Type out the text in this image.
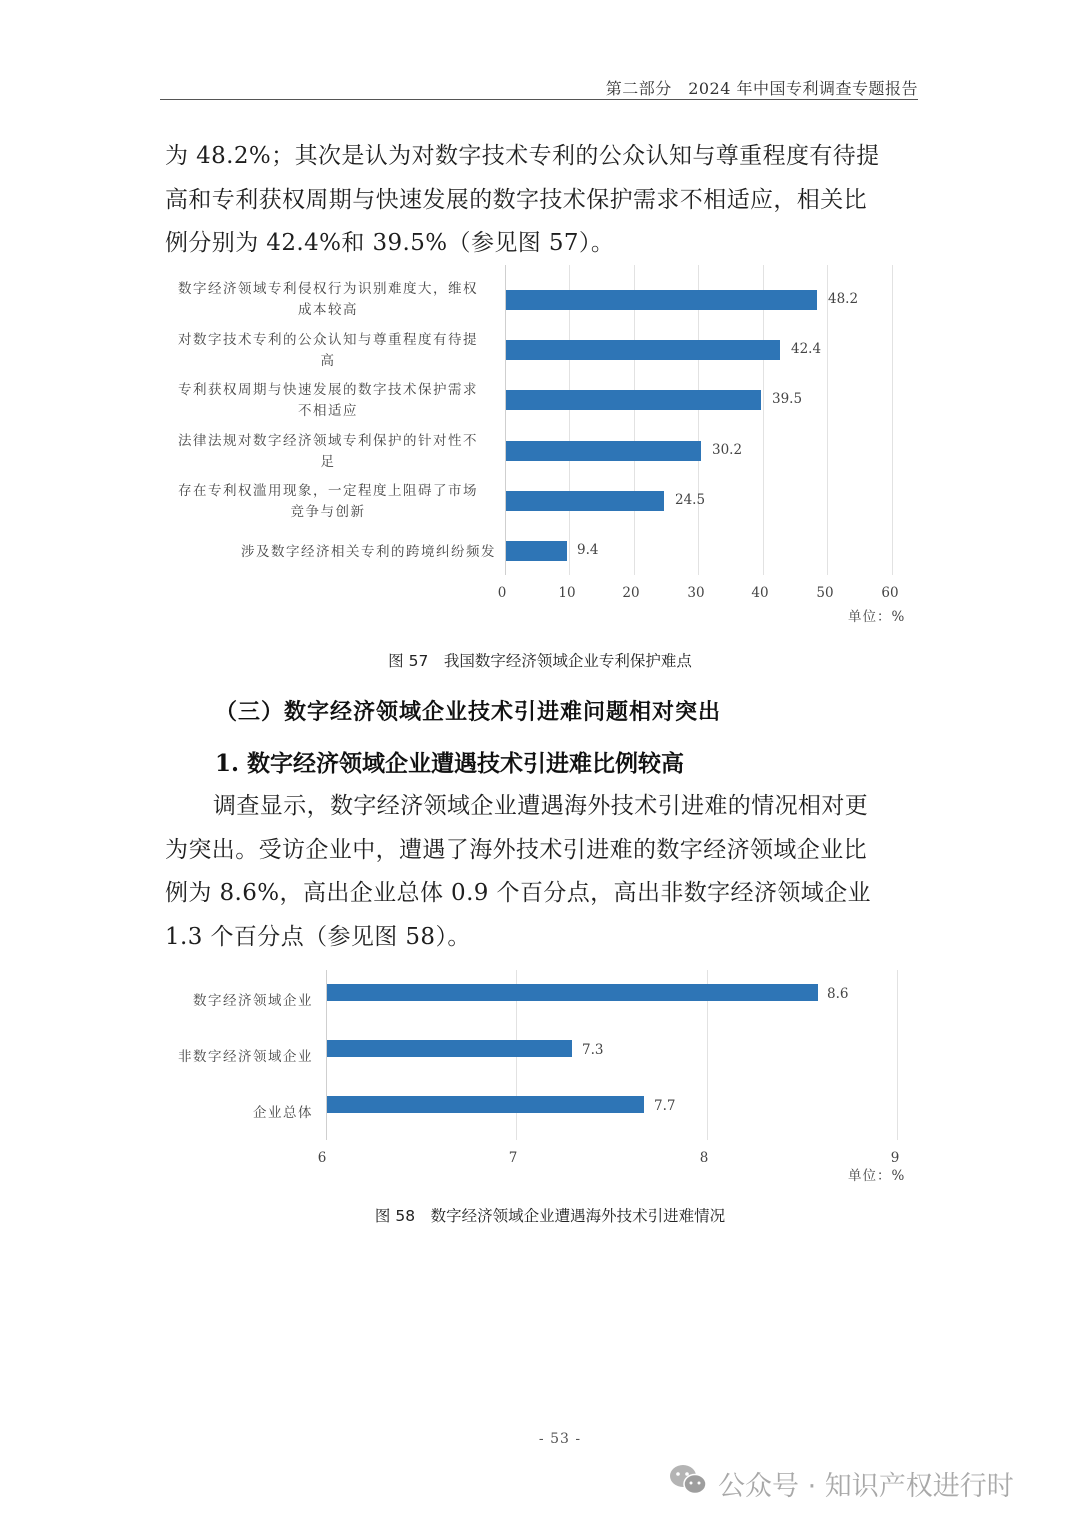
第二部分　2024 年中国专利调查专题报告

为 48.2%；其次是认为对数字技术专利的公众认知与尊重程度有待提

高和专利获权周期与快速发展的数字技术保护需求不相适应，相关比

例分别为 42.4%和 39.5%（参见图 57）。

数字经济领域专利侵权行为识别难度大，维权
成本较高
对数字技术专利的公众认知与尊重程度有待提
高
专利获权周期与快速发展的数字技术保护需求
不相适应
法律法规对数字经济领域专利保护的针对性不
足
存在专利权滥用现象，一定程度上阻碍了市场
竞争与创新
涉及数字经济相关专利的跨境纠纷频发
48.2
42.4
39.5
30.2
24.5
9.4
0	10	20	30	40	50	60
单位：%
图 57　我国数字经济领域企业专利保护难点
（三）数字经济领域企业技术引进难问题相对突出
1. 数字经济领域企业遭遇技术引进难比例较高

调查显示，数字经济领域企业遭遇海外技术引进难的情况相对更

为突出。受访企业中，遭遇了海外技术引进难的数字经济领域企业比

例为 8.6%，高出企业总体 0.9 个百分点，高出非数字经济领域企业

1.3 个百分点（参见图 58）。

数字经济领域企业
非数字经济领域企业
企业总体
8.6
7.3
7.7
6	7	8	9
单位：%
图 58　数字经济领域企业遭遇海外技术引进难情况
- 53 -
公众号 · 知识产权进行时
